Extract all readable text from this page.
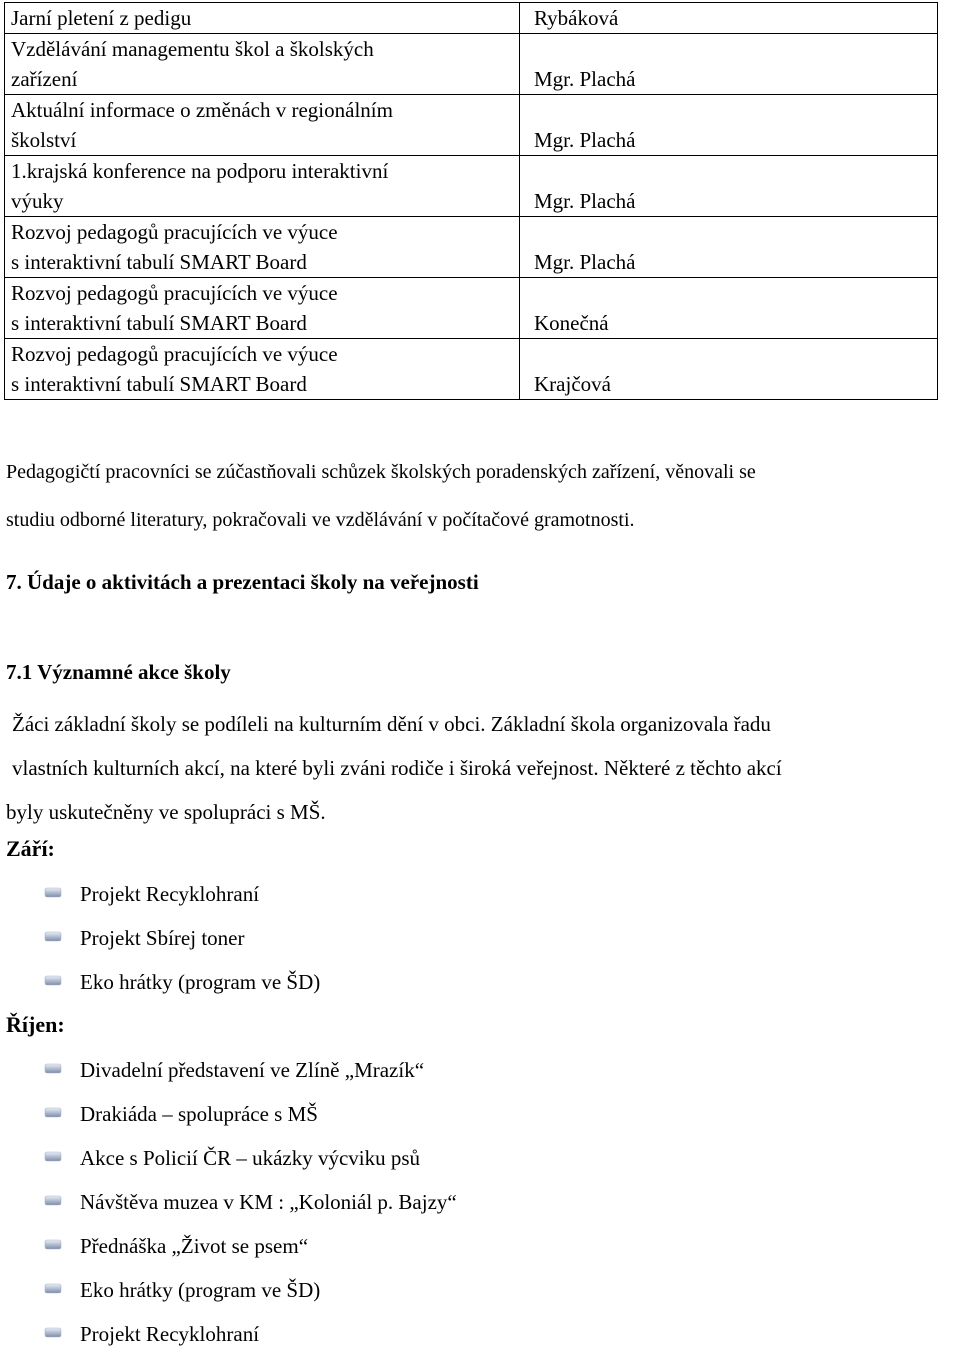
Jarní pletení z pedigu	Rybáková

Vzdělávání managementu škol a školských
zařízení	Mgr. Plachá

Aktuální informace o změnách v regionálním
školství	Mgr. Plachá

1.krajská konference na podporu interaktivní
výuky	Mgr. Plachá

Rozvoj pedagogů pracujících ve výuce
s interaktivní tabulí SMART Board	Mgr. Plachá

Rozvoj pedagogů pracujících ve výuce
s interaktivní tabulí SMART Board	Konečná

Rozvoj pedagogů pracujících ve výuce
s interaktivní tabulí SMART Board	Krajčová
Pedagogičtí pracovníci se zúčastňovali schůzek školských poradenských zařízení, věnovali se
studiu odborné literatury, pokračovali ve vzdělávání v počítačové gramotnosti.
7. Údaje o aktivitách a prezentaci školy na veřejnosti
7.1 Významné akce školy
Žáci základní školy se podíleli na kulturním dění v obci. Základní škola organizovala řadu
vlastních kulturních akcí, na které byli zváni rodiče i široká veřejnost. Některé z těchto akcí
byly uskutečněny ve spolupráci s MŠ.
Září:
Projekt Recyklohraní
Projekt Sbírej toner
Eko hrátky (program ve ŠD)
Říjen:
Divadelní představení ve Zlíně „Mrazík“
Drakiáda – spolupráce s MŠ
Akce s Policií ČR – ukázky výcviku psů
Návštěva muzea v KM : „Koloniál p. Bajzy“
Přednáška „Život se psem“
Eko hrátky (program ve ŠD)
Projekt Recyklohraní
